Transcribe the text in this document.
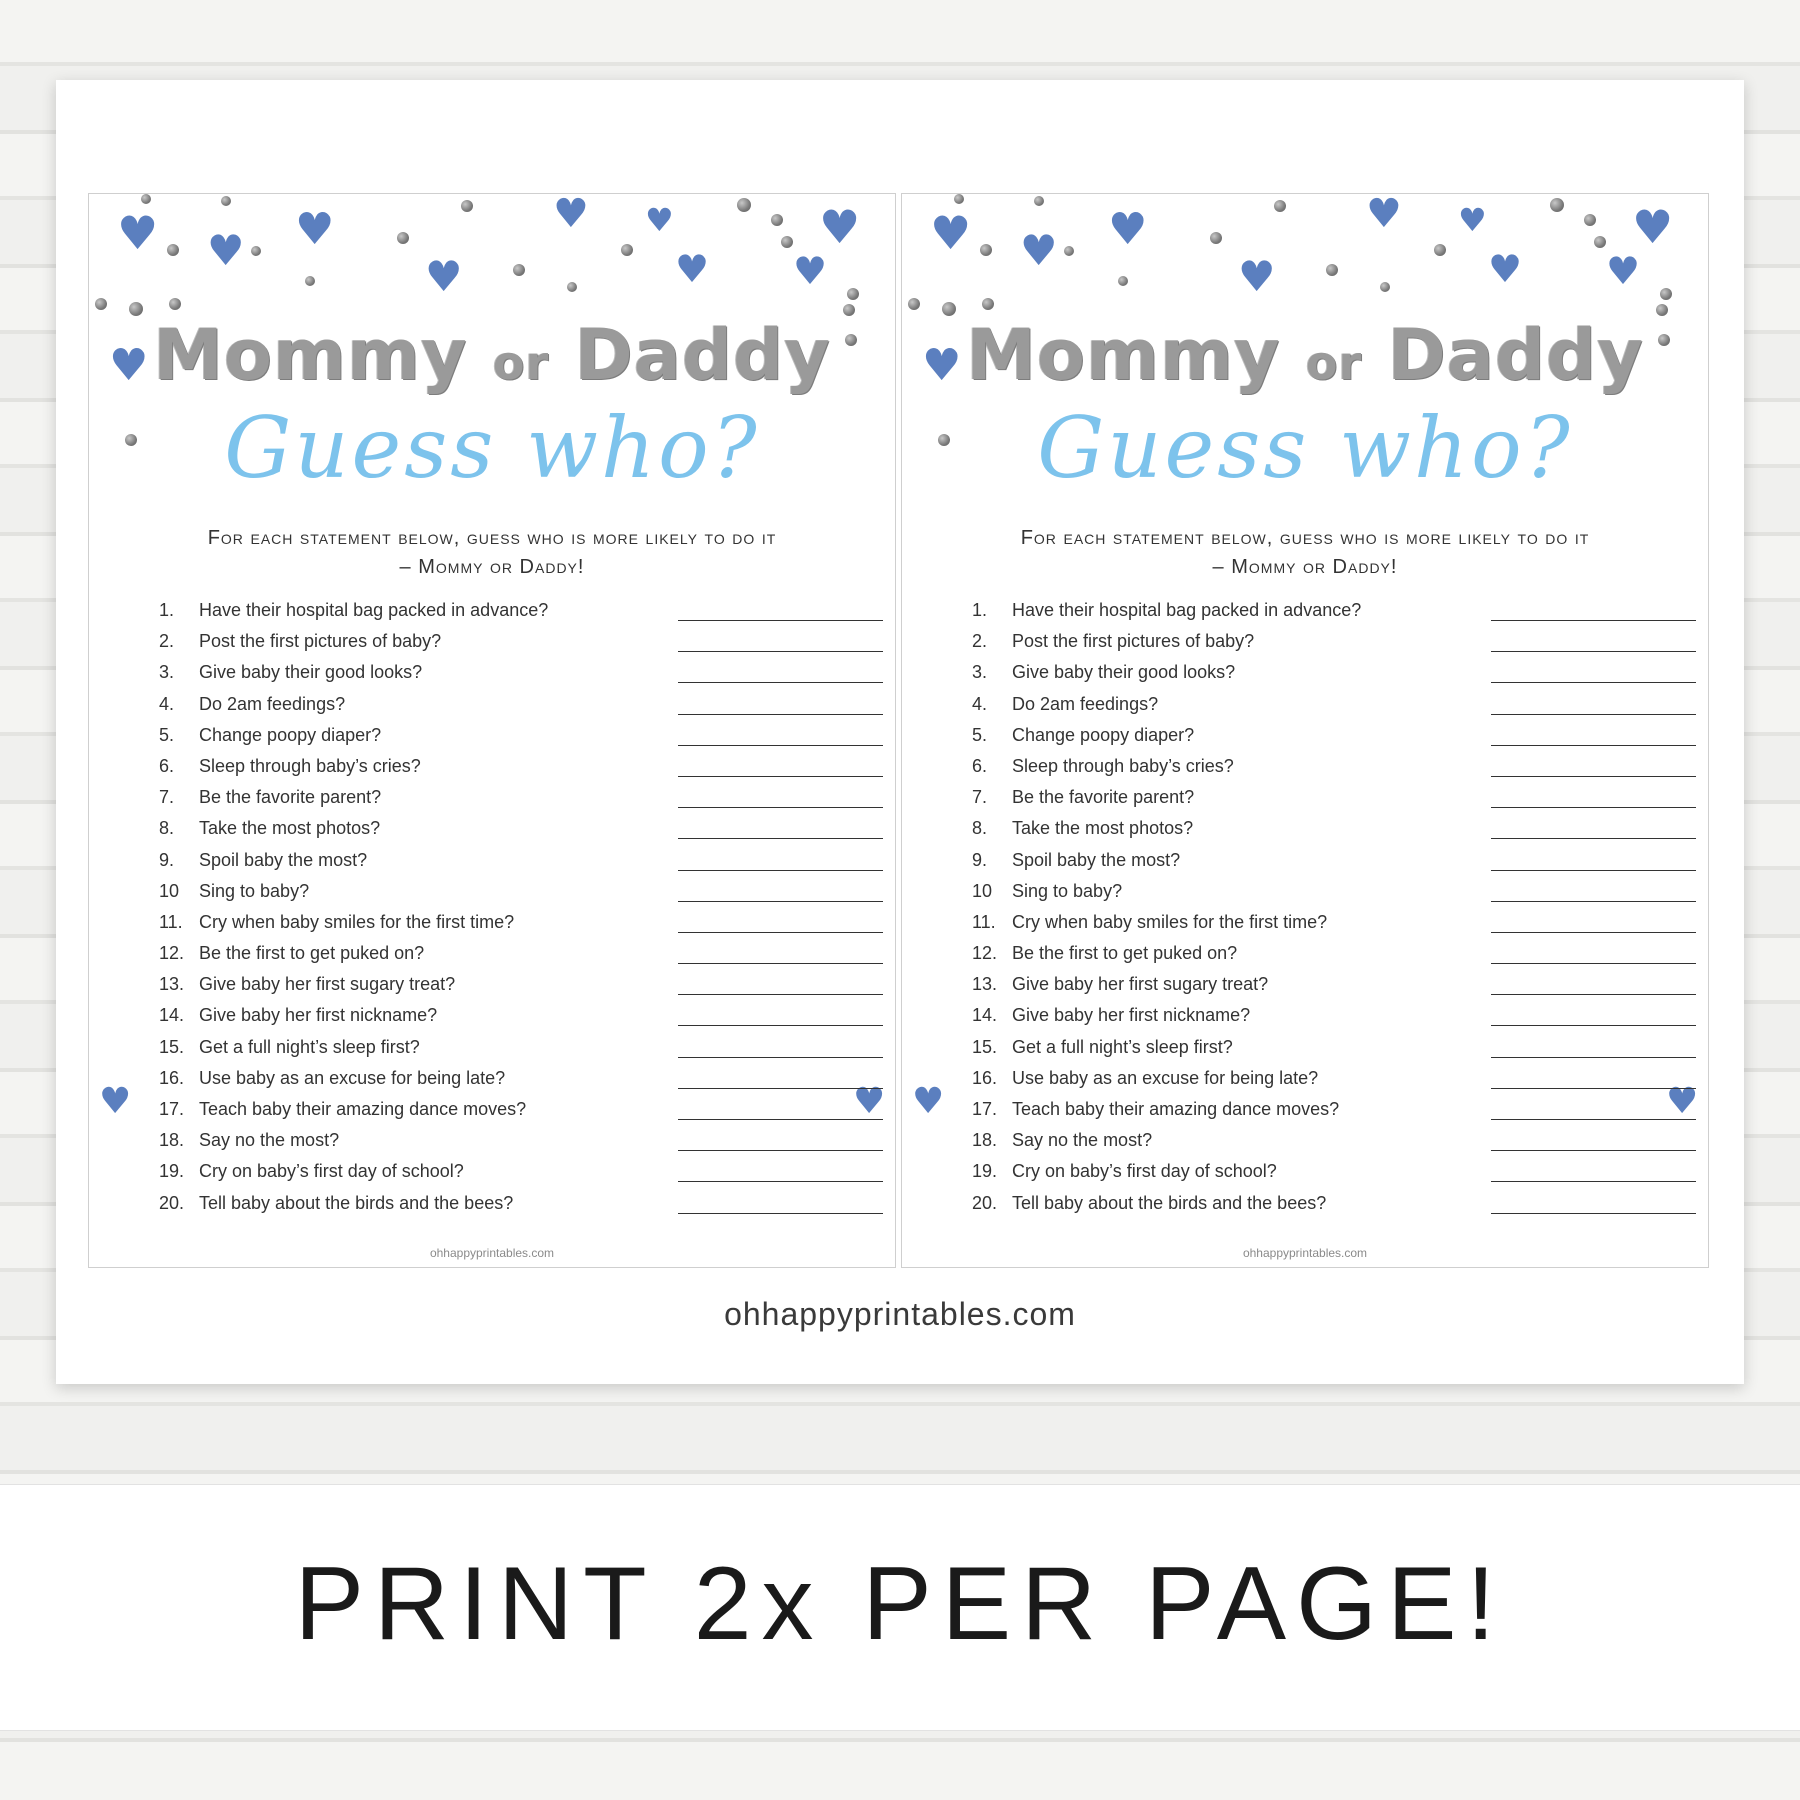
♥ ♥ ♥
♥
♥ ♥	♥
♥
♥
♥
♥	♥
Mommy or Daddy
Guess who?
For each statement below, guess who is more likely to do it
– Mommy or Daddy!
1.	Have their hospital bag packed in advance?
2.	Post the first pictures of baby?
3.	Give baby their good looks?
4.	Do 2am feedings?
5.	Change poopy diaper?
6.	Sleep through baby’s cries?
7.	Be the favorite parent?
8.	Take the most photos?
9.	Spoil baby the most?
10	Sing to baby?
11. Cry when baby smiles for the first time?
12. Be the first to get puked on?
13. Give baby her first sugary treat?
14. Give baby her first nickname?
15. Get a full night’s sleep first?
16. Use baby as an excuse for being late?
17. Teach baby their amazing dance moves?
18. Say no the most?
19. Cry on baby’s first day of school?
20. Tell baby about the birds and the bees?
ohhappyprintables.com
♥ ♥ ♥
♥
♥ ♥	♥
♥
♥
♥
♥	♥
Mommy or Daddy
Guess who?
For each statement below, guess who is more likely to do it
– Mommy or Daddy!
1.	Have their hospital bag packed in advance?
2.	Post the first pictures of baby?
3.	Give baby their good looks?
4.	Do 2am feedings?
5.	Change poopy diaper?
6.	Sleep through baby’s cries?
7.	Be the favorite parent?
8.	Take the most photos?
9.	Spoil baby the most?
10	Sing to baby?
11. Cry when baby smiles for the first time?
12. Be the first to get puked on?
13. Give baby her first sugary treat?
14. Give baby her first nickname?
15. Get a full night’s sleep first?
16. Use baby as an excuse for being late?
17. Teach baby their amazing dance moves?
18. Say no the most?
19. Cry on baby’s first day of school?
20. Tell baby about the birds and the bees?
ohhappyprintables.com
ohhappyprintables.com
PRINT 2x PER PAGE!
